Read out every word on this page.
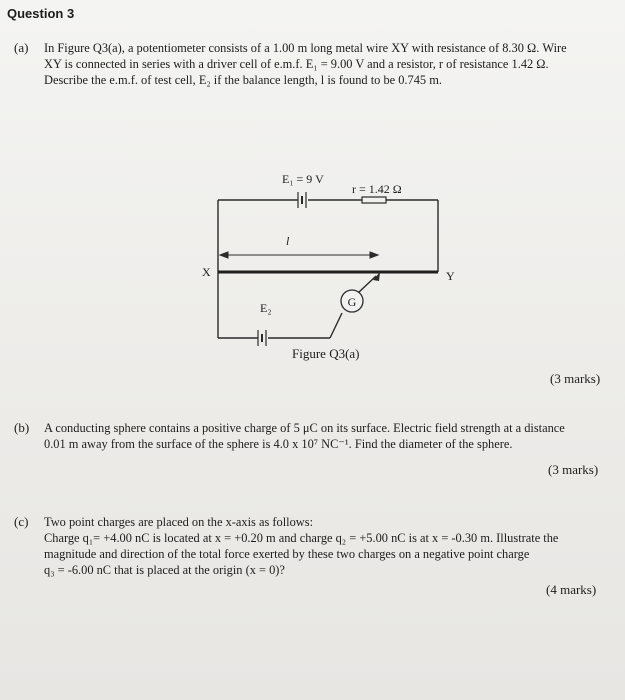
Question 3
(a) In Figure Q3(a), a potentiometer consists of a 1.00 m long metal wire XY with resistance of 8.30 Ω. Wire
XY is connected in series with a driver cell of e.m.f. E₁ = 9.00 V and a resistor, r of resistance 1.42 Ω.
Describe the e.m.f. of test cell, E₂ if the balance length, l is found to be 0.745 m.
G
E₁ = 9 V
r = 1.42 Ω
l
X	Y
E₂
Figure Q3(a)
(3 marks)
(b) A conducting sphere contains a positive charge of 5 μC on its surface. Electric field strength at a distance
0.01 m away from the surface of the sphere is 4.0 x 10⁷ NC⁻¹. Find the diameter of the sphere.
(3 marks)
(c) Two point charges are placed on the x-axis as follows:
Charge q₁= +4.00 nC is located at x = +0.20 m and charge q₂ = +5.00 nC is at x = -0.30 m. Illustrate the
magnitude and direction of the total force exerted by these two charges on a negative point charge
q₃ = -6.00 nC that is placed at the origin (x = 0)?
(4 marks)
